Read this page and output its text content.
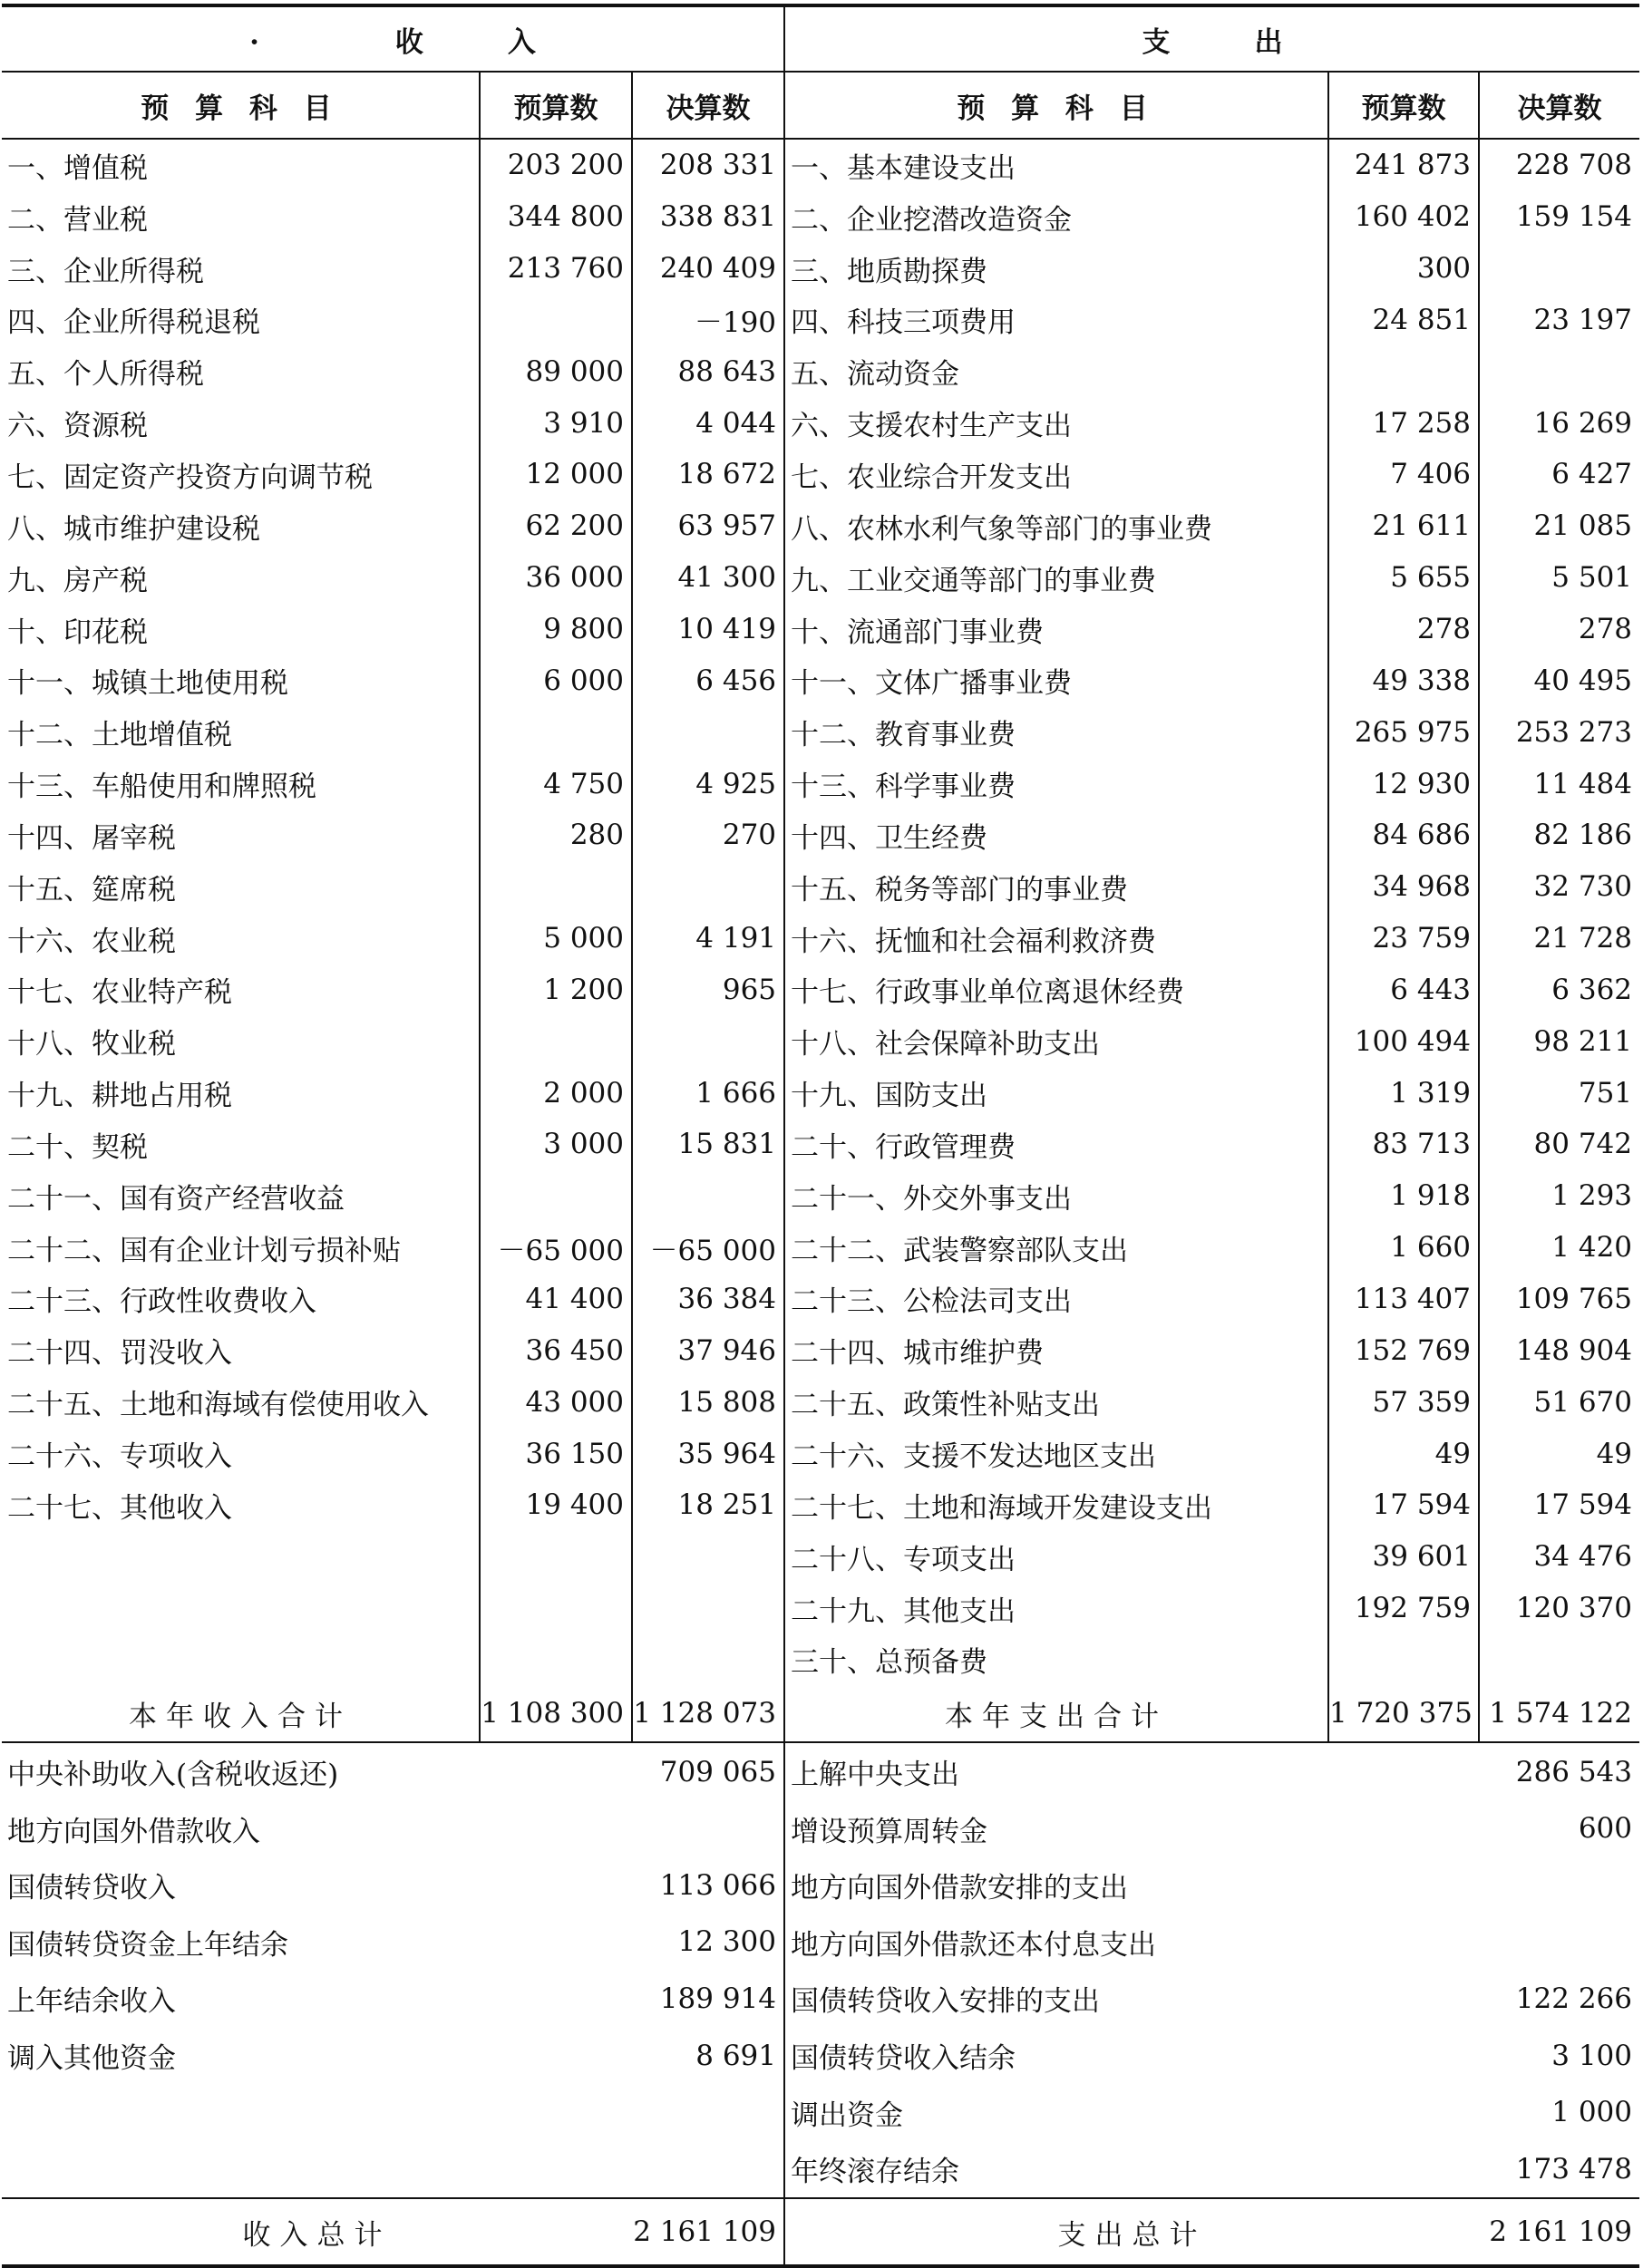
· 收　　　入			支　　　出		
预 算 科 目	预算数	决算数	预 算 科 目	预算数	决算数
一、增值税	203 200	208 331	一、基本建设支出	241 873	228 708
二、营业税	344 800	338 831	二、企业挖潜改造资金	160 402	159 154
三、企业所得税	213 760	240 409	三、地质勘探费	300	
四、企业所得税退税		－190	四、科技三项费用	24 851	23 197
五、个人所得税	89 000	88 643	五、流动资金		
六、资源税	3 910	4 044	六、支援农村生产支出	17 258	16 269
七、固定资产投资方向调节税	12 000	18 672	七、农业综合开发支出	7 406	6 427
八、城市维护建设税	62 200	63 957	八、农林水利气象等部门的事业费	21 611	21 085
九、房产税	36 000	41 300	九、工业交通等部门的事业费	5 655	5 501
十、印花税	9 800	10 419	十、流通部门事业费	278	278
十一、城镇土地使用税	6 000	6 456	十一、文体广播事业费	49 338	40 495
十二、土地增值税			十二、教育事业费	265 975	253 273
十三、车船使用和牌照税	4 750	4 925	十三、科学事业费	12 930	11 484
十四、屠宰税	280	270	十四、卫生经费	84 686	82 186
十五、筵席税			十五、税务等部门的事业费	34 968	32 730
十六、农业税	5 000	4 191	十六、抚恤和社会福利救济费	23 759	21 728
十七、农业特产税	1 200	965	十七、行政事业单位离退休经费	6 443	6 362
十八、牧业税			十八、社会保障补助支出	100 494	98 211
十九、耕地占用税	2 000	1 666	十九、国防支出	1 319	751
二十、契税	3 000	15 831	二十、行政管理费	83 713	80 742
二十一、国有资产经营收益			二十一、外交外事支出	1 918	1 293
二十二、国有企业计划亏损补贴	－65 000	－65 000	二十二、武装警察部队支出	1 660	1 420
二十三、行政性收费收入	41 400	36 384	二十三、公检法司支出	113 407	109 765
二十四、罚没收入	36 450	37 946	二十四、城市维护费	152 769	148 904
二十五、土地和海域有偿使用收入	43 000	15 808	二十五、政策性补贴支出	57 359	51 670
二十六、专项收入	36 150	35 964	二十六、支援不发达地区支出	49	49
二十七、其他收入	19 400	18 251	二十七、土地和海域开发建设支出	17 594	17 594
			二十八、专项支出	39 601	34 476
			二十九、其他支出	192 759	120 370
			三十、总预备费		
本年收入合计	1 108 300	1 128 073	本年支出合计	1 720 375	1 574 122
中央补助收入(含税收返还)	709 065	上解中央支出	286 543
地方向国外借款收入		增设预算周转金	600
国债转贷收入	113 066	地方向国外借款安排的支出	
国债转贷资金上年结余	12 300	地方向国外借款还本付息支出	
上年结余收入	189 914	国债转贷收入安排的支出	122 266
调入其他资金	8 691	国债转贷收入结余	3 100
		调出资金	1 000
		年终滚存结余	173 478
收入总计	2 161 109	支出总计	2 161 109
